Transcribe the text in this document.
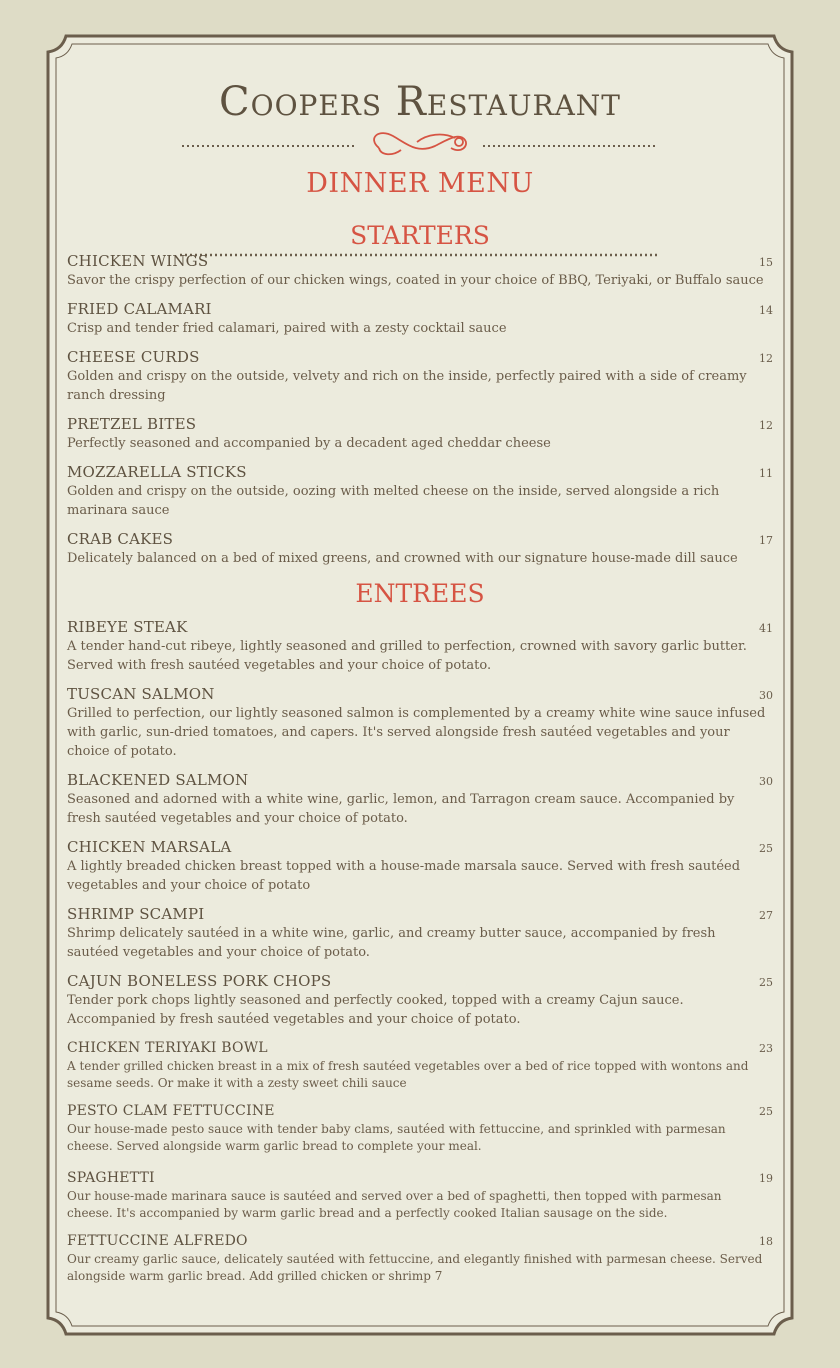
Coopers Restaurant
DINNER MENU
STARTERS
CHICKEN WINGS	15
Savor the crispy perfection of our chicken wings, coated in your choice of BBQ, Teriyaki, or Buffalo sauce
FRIED CALAMARI	14
Crisp and tender fried calamari, paired with a zesty cocktail sauce
CHEESE CURDS	12
Golden and crispy on the outside, velvety and rich on the inside, perfectly paired with a side of creamy ranch dressing
PRETZEL BITES	12
Perfectly seasoned and accompanied by a decadent aged cheddar cheese
MOZZARELLA STICKS	11
Golden and crispy on the outside, oozing with melted cheese on the inside, served alongside a rich marinara sauce
CRAB CAKES	17
Delicately balanced on a bed of mixed greens, and crowned with our signature house-made dill sauce
ENTREES
RIBEYE STEAK	41
A tender hand-cut ribeye, lightly seasoned and grilled to perfection, crowned with savory garlic butter. Served with fresh sautéed vegetables and your choice of potato.
TUSCAN SALMON	30
Grilled to perfection, our lightly seasoned salmon is complemented by a creamy white wine sauce infused with garlic, sun-dried tomatoes, and capers. It's served alongside fresh sautéed vegetables and your choice of potato.
BLACKENED SALMON	30
Seasoned and adorned with a white wine, garlic, lemon, and Tarragon cream sauce. Accompanied by fresh sautéed vegetables and your choice of potato.
CHICKEN MARSALA	25
A lightly breaded chicken breast topped with a house-made marsala sauce. Served with fresh sautéed vegetables and your choice of potato
SHRIMP SCAMPI	27
Shrimp delicately sautéed in a white wine, garlic, and creamy butter sauce, accompanied by fresh sautéed vegetables and your choice of potato.
CAJUN BONELESS PORK CHOPS	25
Tender pork chops lightly seasoned and perfectly cooked, topped with a creamy Cajun sauce. Accompanied by fresh sautéed vegetables and your choice of potato.
CHICKEN TERIYAKI BOWL	23
A tender grilled chicken breast in a mix of fresh sautéed vegetables over a bed of rice topped with wontons and sesame seeds. Or make it with a zesty sweet chili sauce
PESTO CLAM FETTUCCINE	25
Our house-made pesto sauce with tender baby clams, sautéed with fettuccine, and sprinkled with parmesan cheese. Served alongside warm garlic bread to complete your meal.
SPAGHETTI	19
Our house-made marinara sauce is sautéed and served over a bed of spaghetti, then topped with parmesan cheese. It's accompanied by warm garlic bread and a perfectly cooked Italian sausage on the side.
FETTUCCINE ALFREDO	18
Our creamy garlic sauce, delicately sautéed with fettuccine, and elegantly finished with parmesan cheese. Served alongside warm garlic bread. Add grilled chicken or shrimp 7
